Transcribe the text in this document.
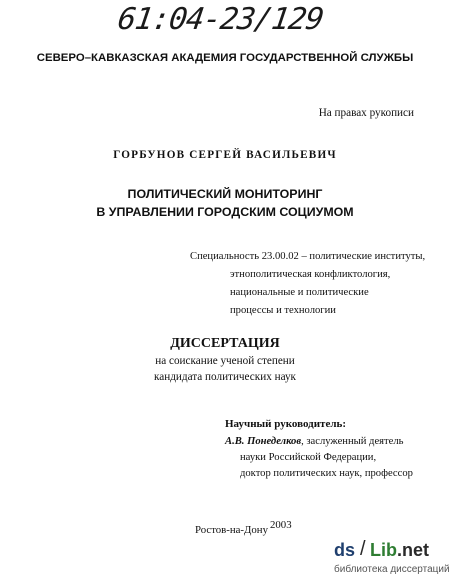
61:04-23/129
СЕВЕРО–КАВКАЗСКАЯ АКАДЕМИЯ ГОСУДАРСТВЕННОЙ СЛУЖБЫ
На правах рукописи
ГОРБУНОВ СЕРГЕЙ ВАСИЛЬЕВИЧ
ПОЛИТИЧЕСКИЙ МОНИТОРИНГ
В УПРАВЛЕНИИ ГОРОДСКИМ СОЦИУМОМ
Специальность 23.00.02 – политические институты,
этнополитическая конфликтология,
национальные и политические
процессы и технологии
ДИССЕРТАЦИЯ
на соискание ученой степени
кандидата политических наук
Научный руководитель:
А.В. Понеделков, заслуженный деятель
науки Российской Федерации,
доктор политических наук, профессор
Ростов-на-Дону 2003
ds / Lib .net
библиотека диссертаций
